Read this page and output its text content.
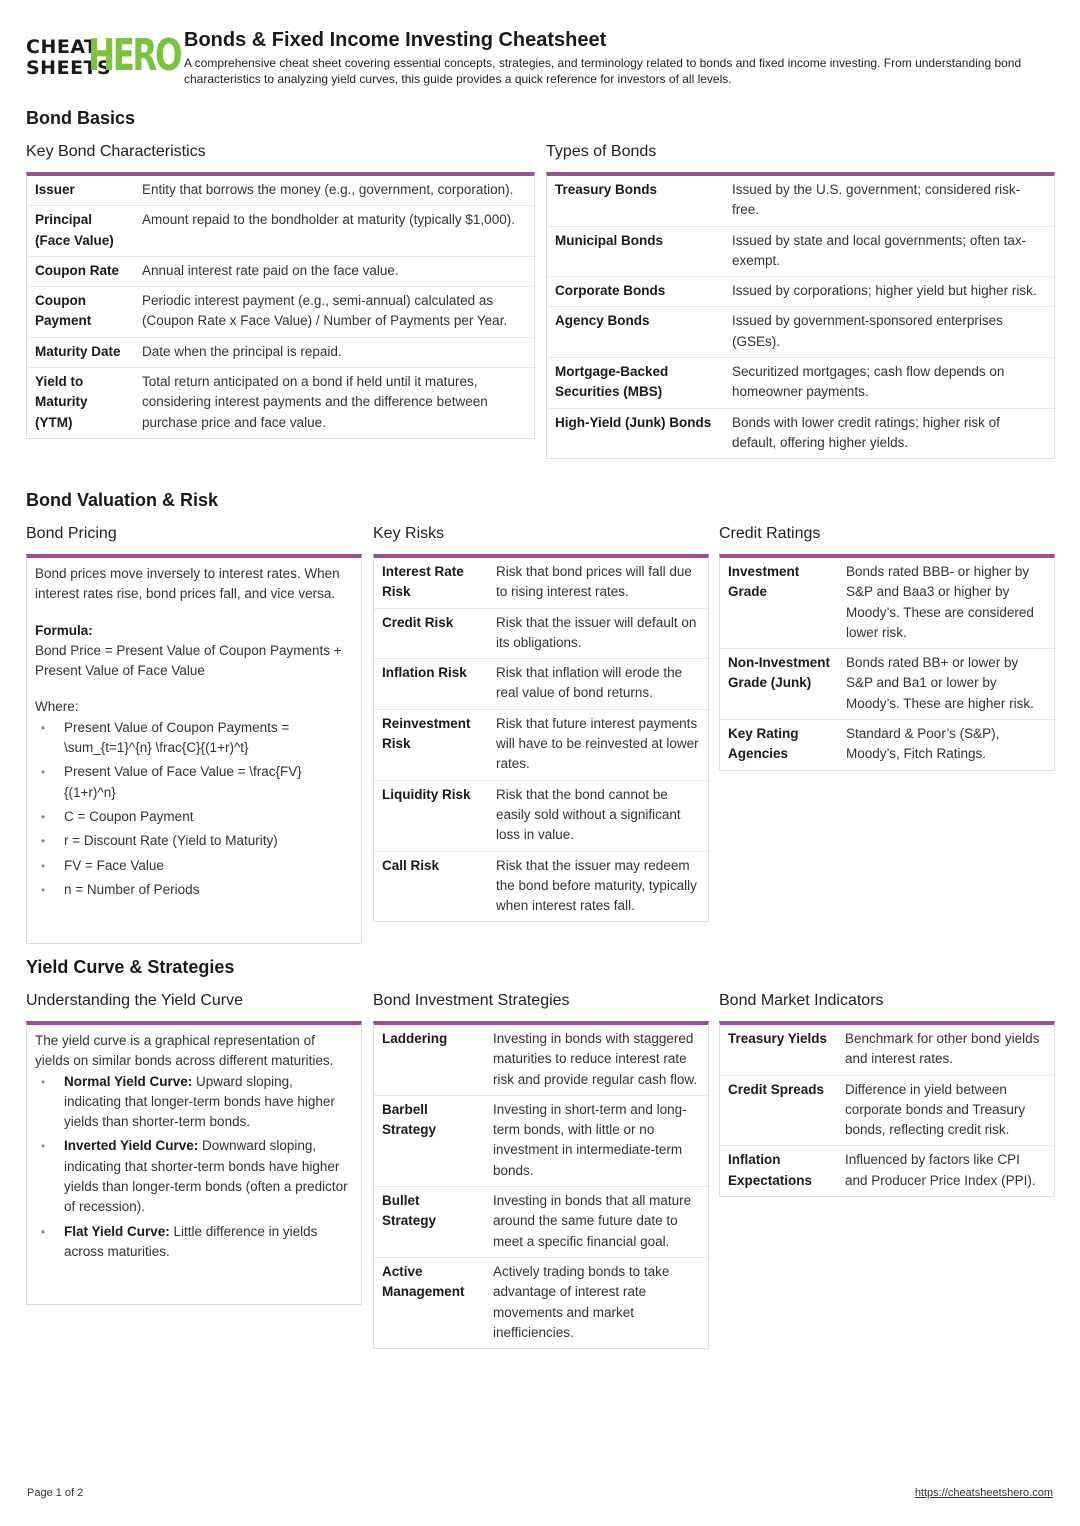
CHEAT
SHEETS
HERO Bonds & Fixed Income Investing Cheatsheet
A comprehensive cheat sheet covering essential concepts, strategies, and terminology related to bonds and fixed income investing. From understanding bond characteristics to analyzing yield curves, this guide provides a quick reference for investors of all levels.
Bond Basics
Key Bond Characteristics
Issuer	Entity that borrows the money (e.g., government, corporation).
Principal (Face Value)	Amount repaid to the bondholder at maturity (typically $1,000).
Coupon Rate	Annual interest rate paid on the face value.
Coupon Payment	Periodic interest payment (e.g., semi-annual) calculated as (Coupon Rate x Face Value) / Number of Payments per Year.
Maturity Date	Date when the principal is repaid.
Yield to Maturity (YTM)	Total return anticipated on a bond if held until it matures, considering interest payments and the difference between purchase price and face value.
Types of Bonds
Treasury Bonds	Issued by the U.S. government; considered risk-free.
Municipal Bonds	Issued by state and local governments; often tax-exempt.
Corporate Bonds	Issued by corporations; higher yield but higher risk.
Agency Bonds	Issued by government-sponsored enterprises (GSEs).
Mortgage-Backed Securities (MBS)	Securitized mortgages; cash flow depends on homeowner payments.
High-Yield (Junk) Bonds	Bonds with lower credit ratings; higher risk of default, offering higher yields.
Bond Valuation & Risk
Bond Pricing

Bond prices move inversely to interest rates. When interest rates rise, bond prices fall, and vice versa.

Formula:

Bond Price = Present Value of Coupon Payments + Present Value of Face Value

Where:
• Present Value of Coupon Payments = \sum_{t=1}^{n} \frac{C}{(1+r)^t}
• Present Value of Face Value = \frac{FV}{(1+r)^n}
• C = Coupon Payment
• r = Discount Rate (Yield to Maturity)
• FV = Face Value
• n = Number of Periods
Key Risks
Interest Rate Risk	Risk that bond prices will fall due to rising interest rates.
Credit Risk	Risk that the issuer will default on its obligations.
Inflation Risk	Risk that inflation will erode the real value of bond returns.
Reinvestment Risk	Risk that future interest payments will have to be reinvested at lower rates.
Liquidity Risk	Risk that the bond cannot be easily sold without a significant loss in value.
Call Risk	Risk that the issuer may redeem the bond before maturity, typically when interest rates fall.
Credit Ratings
Investment Grade	Bonds rated BBB- or higher by S&P and Baa3 or higher by Moody’s. These are considered lower risk.
Non-Investment Grade (Junk)	Bonds rated BB+ or lower by S&P and Ba1 or lower by Moody’s. These are higher risk.
Key Rating Agencies	Standard & Poor’s (S&P), Moody’s, Fitch Ratings.
Yield Curve & Strategies
Understanding the Yield Curve
The yield curve is a graphical representation of yields on similar bonds across different maturities.
• Normal Yield Curve: Upward sloping, indicating that longer-term bonds have higher yields than shorter-term bonds.
• Inverted Yield Curve: Downward sloping, indicating that shorter-term bonds have higher yields than longer-term bonds (often a predictor of recession).
• Flat Yield Curve: Little difference in yields across maturities.
Bond Investment Strategies
Laddering	Investing in bonds with staggered maturities to reduce interest rate risk and provide regular cash flow.
Barbell Strategy	Investing in short-term and long-term bonds, with little or no investment in intermediate-term bonds.
Bullet Strategy	Investing in bonds that all mature around the same future date to meet a specific financial goal.
Active Management	Actively trading bonds to take advantage of interest rate movements and market inefficiencies.
Bond Market Indicators
Treasury Yields	Benchmark for other bond yields and interest rates.
Credit Spreads	Difference in yield between corporate bonds and Treasury bonds, reflecting credit risk.
Inflation Expectations	Influenced by factors like CPI and Producer Price Index (PPI).
Page 1 of 2	https://cheatsheetshero.com
